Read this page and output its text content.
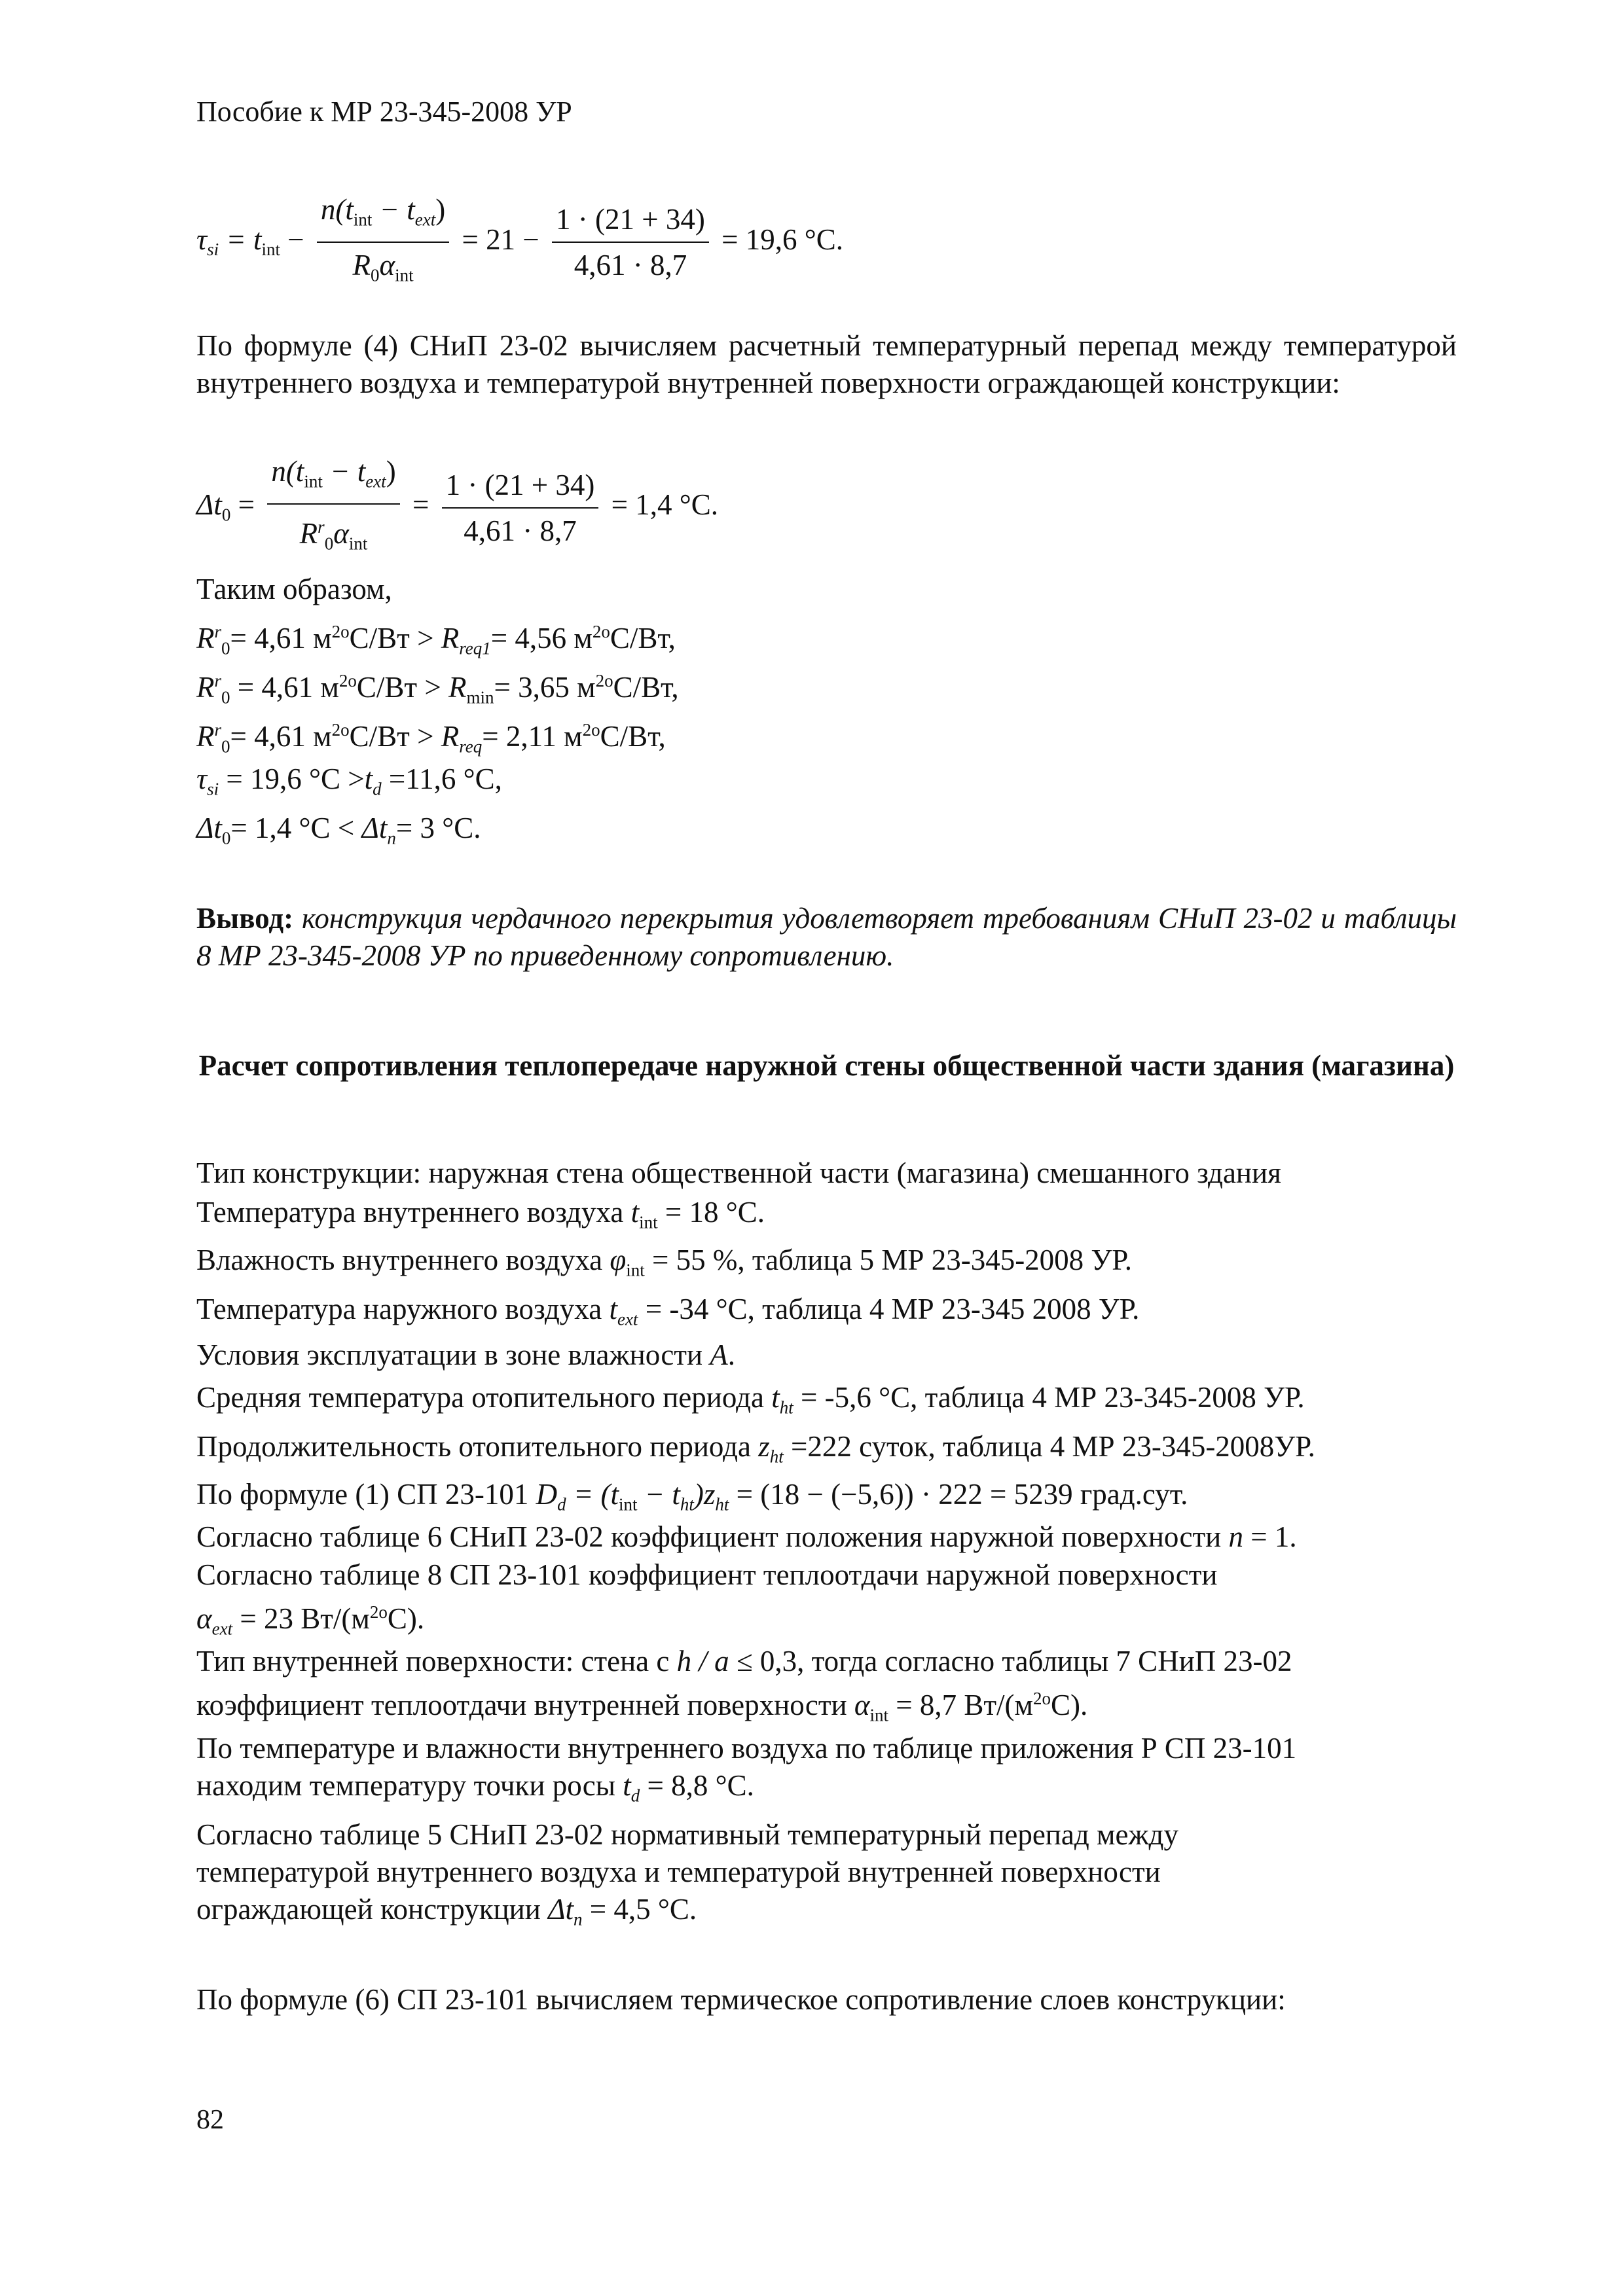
Пособие к МР 23-345-2008 УР
$\tau_{si} = t_{int} - \frac{n(t_{int} - t_{ext})}{R_0\alpha_{int}} = 21 - \frac{1 \cdot (21 + 34)}{4,61 \cdot 8,7} = 19,6$ °C.
По формуле (4) СНиП 23-02 вычисляем расчетный температурный перепад между температурой внутреннего воздуха и температурой внутренней поверхности ограждающей конструкции:
$\Delta t_0 = \frac{n(t_{int} - t_{ext})}{R^r_0\alpha_{int}} = \frac{1 \cdot (21 + 34)}{4,61 \cdot 8,7} = 1,4$ °C.
Таким образом,
$R^r_0= 4,61$ $м^{2о}С/Вт > R_{req1}= 4,56$ $м^{2о}С/Вт$,
$R^r_0 = 4,61$ $м^{2о}С/Вт > R_{min}= 3,65$ $м^{2о}С/Вт$,
$R^r_0= 4,61$ $м^{2о}С/Вт > R_{req}= 2,11$ $м^{2о}С/Вт$,
$\tau_{si} = 19,6$ $^\circ C >t_d =11,6$ °C,
$\Delta t_0= 1,4$ $^\circ C < \Delta t_n= 3$ °C.
Вывод: конструкция чердачного перекрытия удовлетворяет требованиям СНиП 23-02 и таблицы 8 МР 23-345-2008 УР по приведенному сопротивлению.
Расчет сопротивления теплопередаче наружной стены общественной части здания (магазина)
Тип конструкции: наружная стена общественной части (магазина) смешанного здания
Температура внутреннего воздуха $t_{int} = 18$ °C.
Влажность внутреннего воздуха $\varphi_{int} = 55$ %, таблица 5 МР 23-345-2008 УР.
Температура наружного воздуха $t_{ext} = -34$ °C, таблица 4 МР 23-345 2008 УР.
Условия эксплуатации в зоне влажности А.
Средняя температура отопительного периода $t_{ht} = -5,6$ °C, таблица 4 МР 23-345-2008 УР.
Продолжительность отопительного периода $z_{ht} =222$ суток, таблица 4 МР 23-345-2008УР.
По формуле (1) СП 23-101 $D_d = (t_{int} - t_{ht})z_{ht} = (18 - (-5,6)) \cdot 222 = 5239$ град.сут.
Согласно таблице 6 СНиП 23-02 коэффициент положения наружной поверхности n = 1.
Согласно таблице 8 СП 23-101 коэффициент теплоотдачи наружной поверхности
$\alpha_{ext} = 23$ $Вт/(м^{2о}С)$.
Тип внутренней поверхности: стена с h / a ≤ 0,3, тогда согласно таблицы 7 СНиП 23-02
коэффициент теплоотдачи внутренней поверхности $\alpha_{int} = 8,7$ $Вт/(м^{2о}С)$.
По температуре и влажности внутреннего воздуха по таблице приложения Р СП 23-101
находим температуру точки росы $t_d = 8,8$ °C.
Согласно таблице 5 СНиП 23-02 нормативный температурный перепад между
температурой внутреннего воздуха и температурой внутренней поверхности
ограждающей конструкции $\Delta t_n = 4,5$ °C.
По формуле (6) СП 23-101 вычисляем термическое сопротивление слоев конструкции:
82
